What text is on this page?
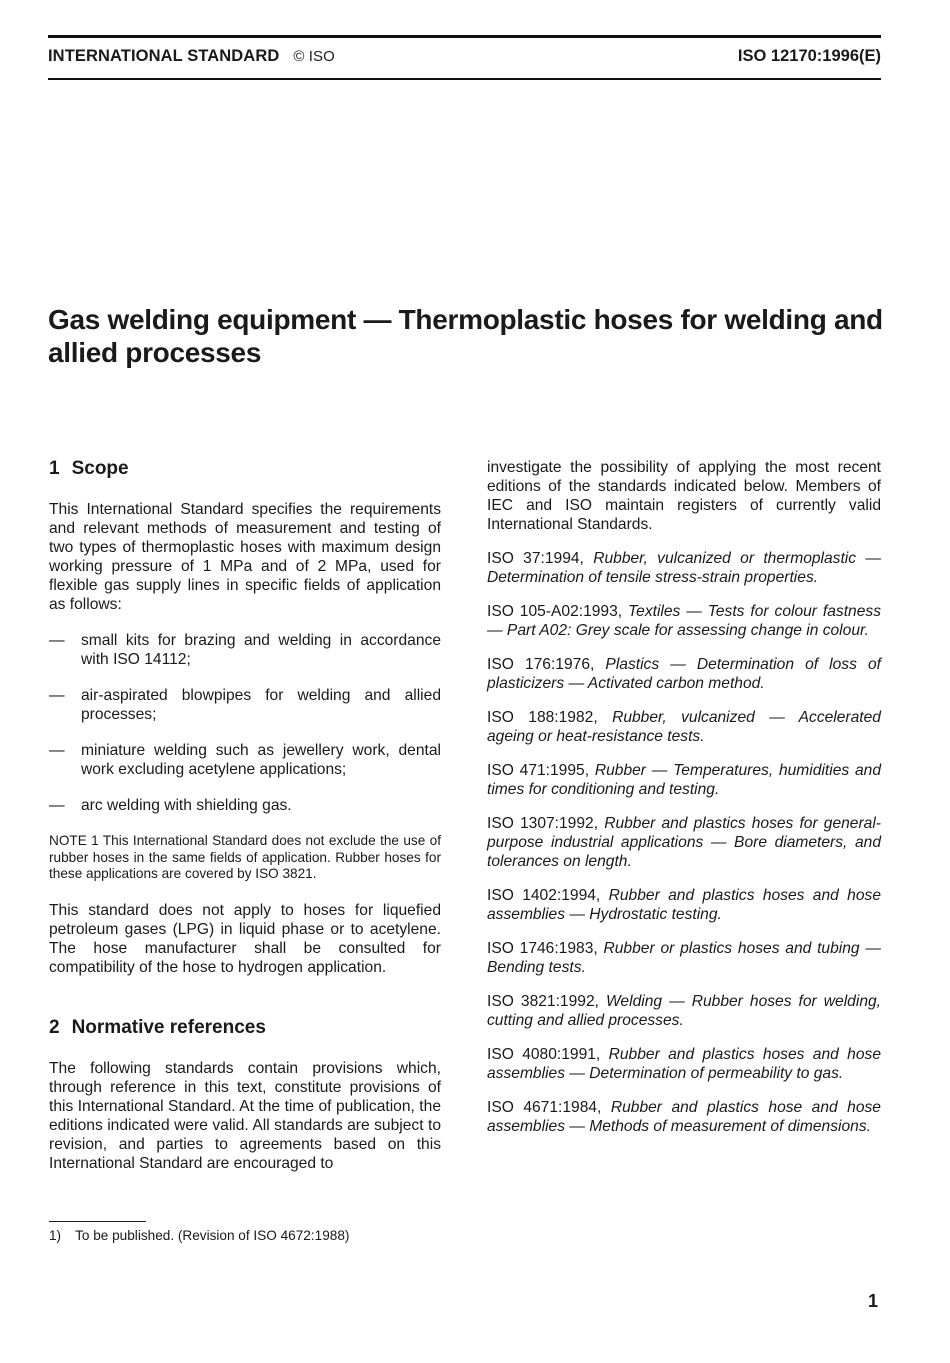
INTERNATIONAL STANDARD © ISO	ISO 12170:1996(E)
Gas welding equipment — Thermoplastic hoses for welding and allied processes
1 Scope

This International Standard specifies the requirements and relevant methods of measurement and testing of two types of thermoplastic hoses with maximum design working pressure of 1 MPa and of 2 MPa, used for flexible gas supply lines in specific fields of application as follows:

—	small kits for brazing and welding in accordance with ISO 14112;
—	air-aspirated blowpipes for welding and allied processes;
—	miniature welding such as jewellery work, dental work excluding acetylene applications;
—	arc welding with shielding gas.

NOTE 1 This International Standard does not exclude the use of rubber hoses in the same fields of application. Rubber hoses for these applications are covered by ISO 3821.

This standard does not apply to hoses for liquefied petroleum gases (LPG) in liquid phase or to acetylene. The hose manufacturer shall be consulted for compatibility of the hose to hydrogen application.

2 Normative references

The following standards contain provisions which, through reference in this text, constitute provisions of this International Standard. At the time of publication, the editions indicated were valid. All standards are subject to revision, and parties to agreements based on this International Standard are encouraged to

investigate the possibility of applying the most recent editions of the standards indicated below. Members of IEC and ISO maintain registers of currently valid International Standards.

ISO 37:1994, Rubber, vulcanized or thermoplastic — Determination of tensile stress-strain properties.

ISO 105-A02:1993, Textiles — Tests for colour fastness — Part A02: Grey scale for assessing change in colour.

ISO 176:1976, Plastics — Determination of loss of plasticizers — Activated carbon method.

ISO 188:1982, Rubber, vulcanized — Accelerated ageing or heat-resistance tests.

ISO 471:1995, Rubber — Temperatures, humidities and times for conditioning and testing.

ISO 1307:1992, Rubber and plastics hoses for general-purpose industrial applications — Bore diameters, and tolerances on length.

ISO 1402:1994, Rubber and plastics hoses and hose assemblies — Hydrostatic testing.

ISO 1746:1983, Rubber or plastics hoses and tubing — Bending tests.

ISO 3821:1992, Welding — Rubber hoses for welding, cutting and allied processes.

ISO 4080:1991, Rubber and plastics hoses and hose assemblies — Determination of permeability to gas.

ISO 4671:1984, Rubber and plastics hose and hose assemblies — Methods of measurement of dimensions.

1) To be published. (Revision of ISO 4672:1988)
1
